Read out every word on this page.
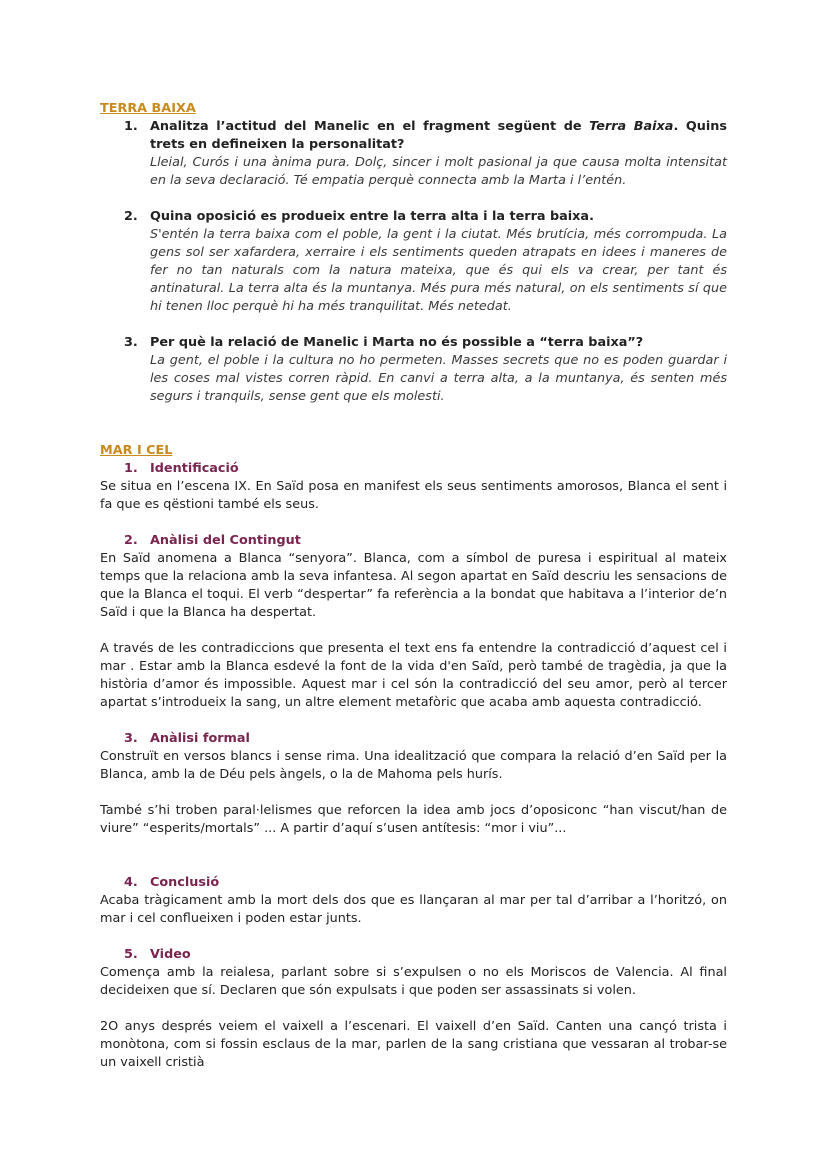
TERRA BAIXA

1. Analitza l’actitud del Manelic en el fragment següent de Terra Baixa. Quins trets en defineixen la personalitat?
Lleial, Curós i una ànima pura. Dolç, sincer i molt pasional ja que causa molta intensitat en la seva declaració. Té empatia perquè connecta amb la Marta i l’entén.
2. Quina oposició es produeix entre la terra alta i la terra baixa.
S'entén la terra baixa com el poble, la gent i la ciutat. Més brutícia, més corrompuda. La gens sol ser xafardera, xerraire i els sentiments queden atrapats en idees i maneres de fer no tan naturals com la natura mateixa, que és qui els va crear, per tant és antinatural. La terra alta és la muntanya. Més pura més natural, on els sentiments sí que hi tenen lloc perquè hi ha més tranquilitat. Més netedat.
3. Per què la relació de Manelic i Marta no és possible a “terra baixa”?
La gent, el poble i la cultura no ho permeten. Masses secrets que no es poden guardar i les coses mal vistes corren ràpid. En canvi a terra alta, a la muntanya, és senten més segurs i tranquils, sense gent que els molesti.

MAR I CEL

1. Identificació

Se situa en l’escena IX. En Saïd posa en manifest els seus sentiments amorosos, Blanca el sent i fa que es qëstioni també els seus.

2. Anàlisi del Contingut

En Saïd anomena a Blanca “senyora”. Blanca, com a símbol de puresa i espiritual al mateix temps que la relaciona amb la seva infantesa. Al segon apartat en Saïd descriu les sensacions de que la Blanca el toqui. El verb “despertar” fa referència a la bondat que habitava a l’interior de’n Saïd i que la Blanca ha despertat.

A través de les contradiccions que presenta el text ens fa entendre la contradicció d’aquest cel i mar . Estar amb la Blanca esdevé la font de la vida d'en Saïd, però també de tragèdia, ja que la història d’amor és impossible. Aquest mar i cel són la contradicció del seu amor, però al tercer apartat s’introdueix la sang, un altre element metafòric que acaba amb aquesta contradicció.

3. Anàlisi formal

Construït en versos blancs i sense rima. Una idealització que compara la relació d’en Saïd per la Blanca, amb la de Déu pels àngels, o la de Mahoma pels hurís.

També s’hi troben paral·lelismes que reforcen la idea amb jocs d’oposiconc “han viscut/han de viure” “esperits/mortals” ... A partir d’aquí s’usen antítesis: “mor i viu”...

4. Conclusió

Acaba tràgicament amb la mort dels dos que es llançaran al mar per tal d’arribar a l’horitzó, on mar i cel confluеixen i poden estar junts.

5. Video

Comença amb la reialesa, parlant sobre si s’expulsen o no els Moriscos de Valencia. Al final decideixen que sí. Declaren que són expulsats i que poden ser assassinats si volen.

2O anys després veiem el vaixell a l’escenari. El vaixell d’en Saïd. Canten una cançó trista i monòtona, com si fossin esclaus de la mar, parlen de la sang cristiana que vessaran al trobar-se un vaixell cristià
